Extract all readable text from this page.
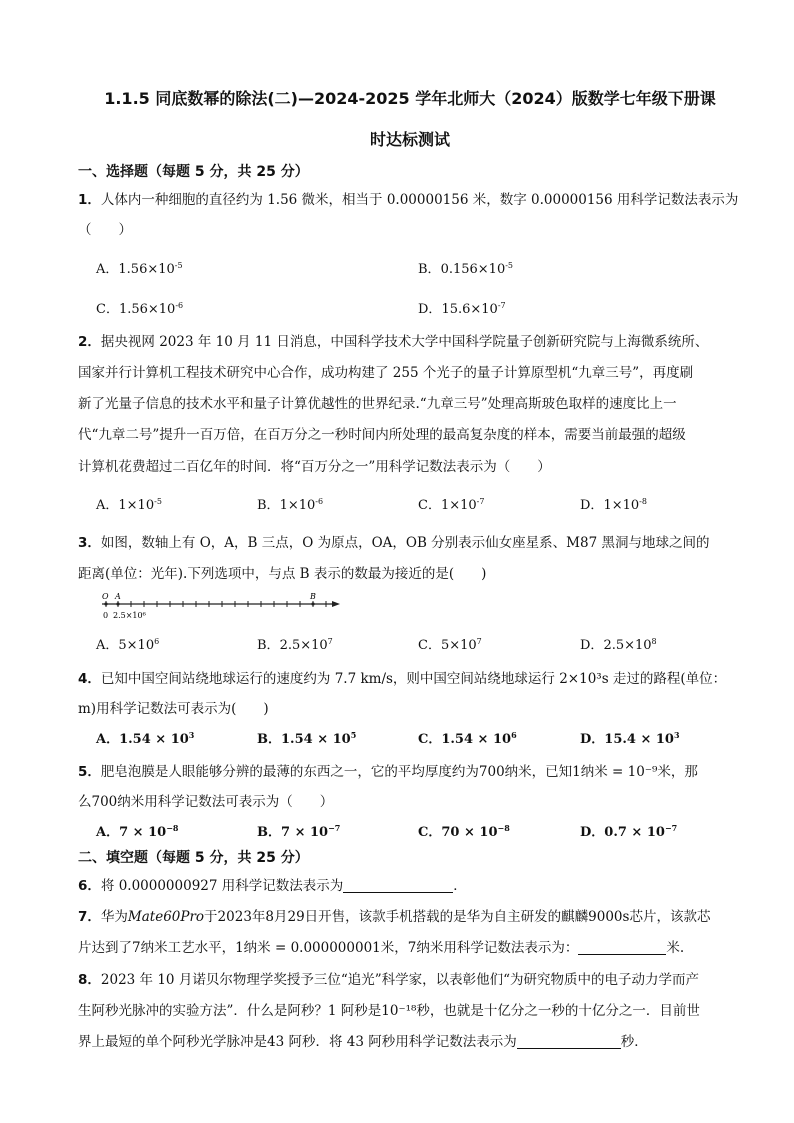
1.1.5 同底数幂的除法(二)—2024-2025 学年北师大（2024）版数学七年级下册课
时达标测试
一、选择题（每题 5 分，共 25 分）
1．人体内一种细胞的直径约为 1.56 微米，相当于 0.00000156 米，数字 0.00000156 用科学记数法表示为
（　　）
A．$1.56\times 10^{-5}$	B．$0.156\times 10^{-5}$
C．$1.56\times 10^{-6}$	D．$15.6\times 10^{-7}$
2．据央视网 2023 年 10 月 11 日消息，中国科学技术大学中国科学院量子创新研究院与上海微系统所、
国家并行计算机工程技术研究中心合作，成功构建了 255 个光子的量子计算原型机“九章三号”，再度刷
新了光量子信息的技术水平和量子计算优越性的世界纪录.“九章三号”处理高斯玻色取样的速度比上一
代“九章二号”提升一百万倍，在百万分之一秒时间内所处理的最高复杂度的样本，需要当前最强的超级
计算机花费超过二百亿年的时间．将“百万分之一”用科学记数法表示为（　　）
A．$1\times 10^{-5}$	B．$1\times 10^{-6}$	C．$1\times 10^{-7}$	D．$1\times 10^{-8}$
3．如图，数轴上有 O，A，B 三点，O 为原点，OA，OB 分别表示仙女座星系、M87 黑洞与地球之间的
距离(单位：光年).下列选项中，与点 B 表示的数最为接近的是(　　)
O A	B
0 2.5×10⁶
A．$5\times 10^6$	B．$2.5\times 10^7$	C．$5\times 10^7$	D．$2.5\times 10^8$
4．已知中国空间站绕地球运行的速度约为 7.7 km/s，则中国空间站绕地球运行 2×10³s 走过的路程(单位：
m)用科学记数法可表示为(　　)
A．$1.54 \times 10^3$	B．$1.54 \times 10^5$	C．$1.54 \times 10^6$	D．$15.4 \times 10^3$
5．肥皂泡膜是人眼能够分辨的最薄的东西之一，它的平均厚度约为700纳米，已知1纳米 = 10⁻⁹米，那
么700纳米用科学记数法可表示为（　　）
A．$7 \times 10^{-8}$	B．$7 \times 10^{-7}$	C．$70 \times 10^{-8}$	D．$0.7 \times 10^{-7}$
二、填空题（每题 5 分，共 25 分）
6．将 0.0000000927 用科学记数法表示为	．
7．华为Mate60Pro于2023年8月29日开售，该款手机搭载的是华为自主研发的麒麟9000s芯片，该款芯
片达到了7纳米工艺水平，1纳米 = 0.000000001米，7纳米用科学记数法表示为：	米.
8．2023 年 10 月诺贝尔物理学奖授予三位“追光”科学家，以表彰他们“为研究物质中的电子动力学而产
生阿秒光脉冲的实验方法”．什么是阿秒？1 阿秒是10⁻¹⁸秒，也就是十亿分之一秒的十亿分之一．目前世
界上最短的单个阿秒光学脉冲是43 阿秒．将 43 阿秒用科学记数法表示为	秒．
